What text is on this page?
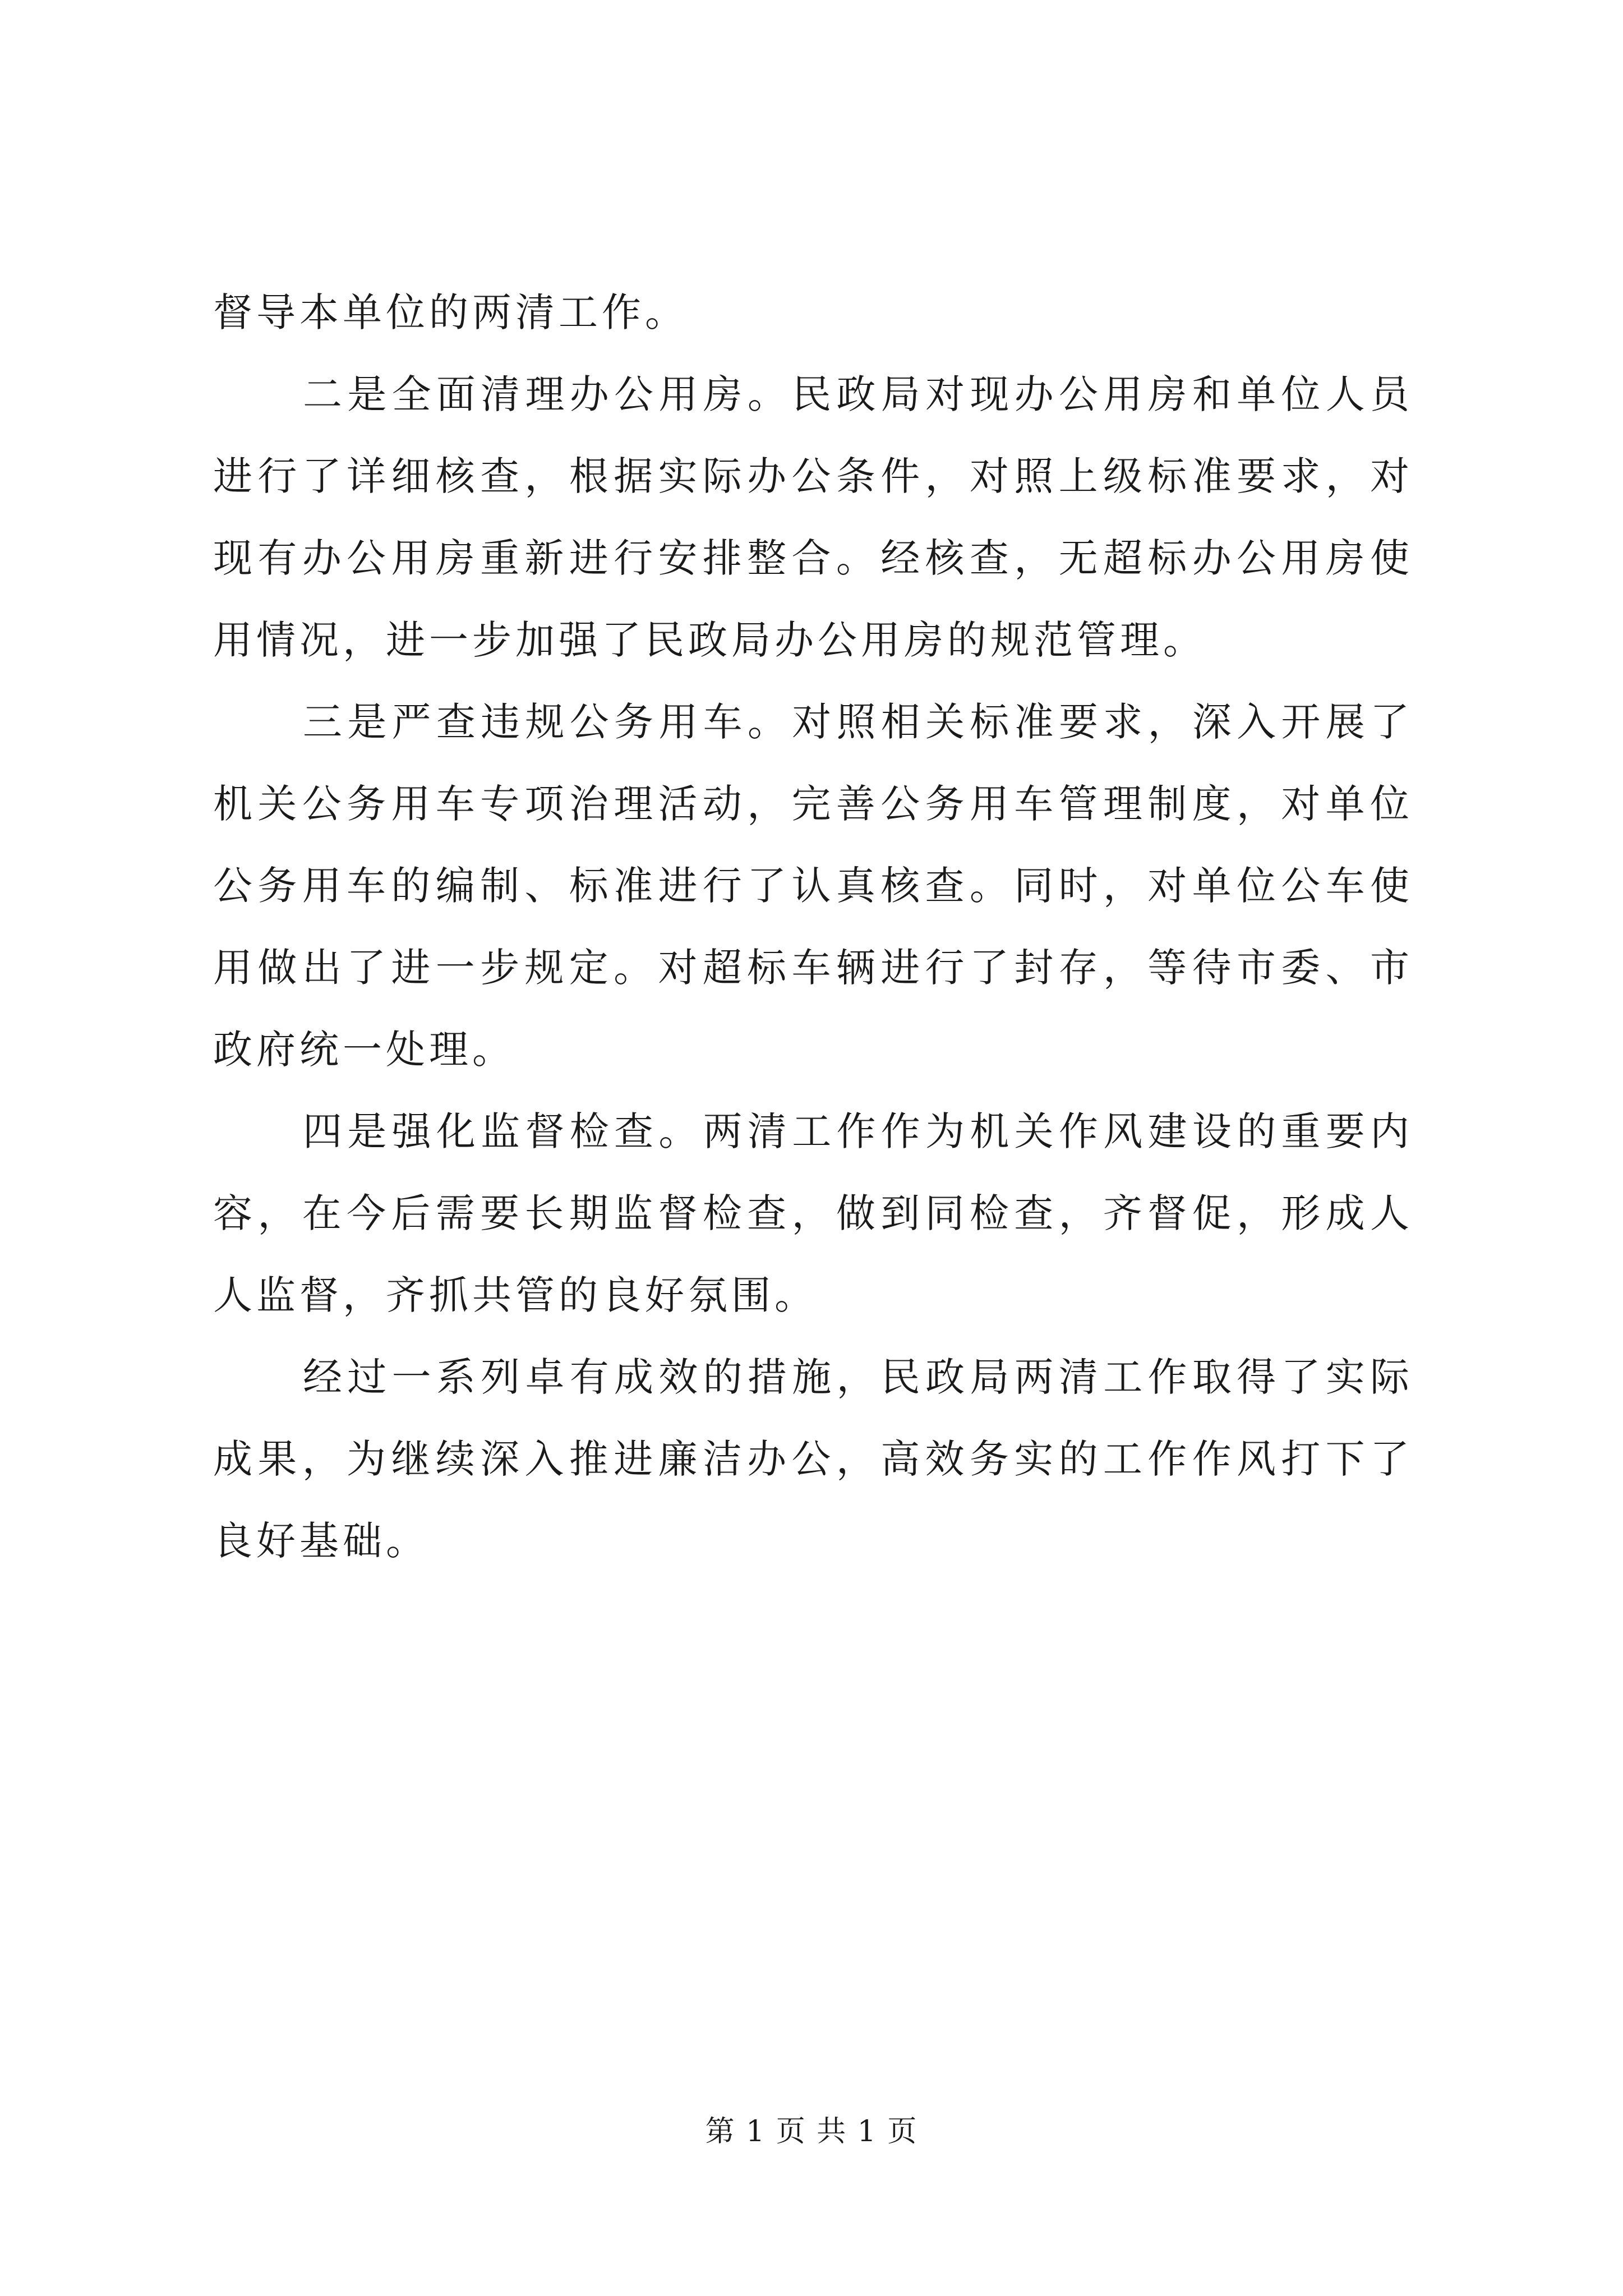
督导本单位的两清工作。

二是全面清理办公用房。民政局对现办公用房和单位人员进行了详细核查，根据实际办公条件，对照上级标准要求，对现有办公用房重新进行安排整合。经核查，无超标办公用房使用情况，进一步加强了民政局办公用房的规范管理。

三是严查违规公务用车。对照相关标准要求，深入开展了机关公务用车专项治理活动，完善公务用车管理制度，对单位公务用车的编制、标准进行了认真核查。同时，对单位公车使用做出了进一步规定。对超标车辆进行了封存，等待市委、市政府统一处理。

四是强化监督检查。两清工作作为机关作风建设的重要内容，在今后需要长期监督检查，做到同检查，齐督促，形成人人监督，齐抓共管的良好氛围。

经过一系列卓有成效的措施，民政局两清工作取得了实际成果，为继续深入推进廉洁办公，高效务实的工作作风打下了良好基础。

第 1 页 共 1 页
